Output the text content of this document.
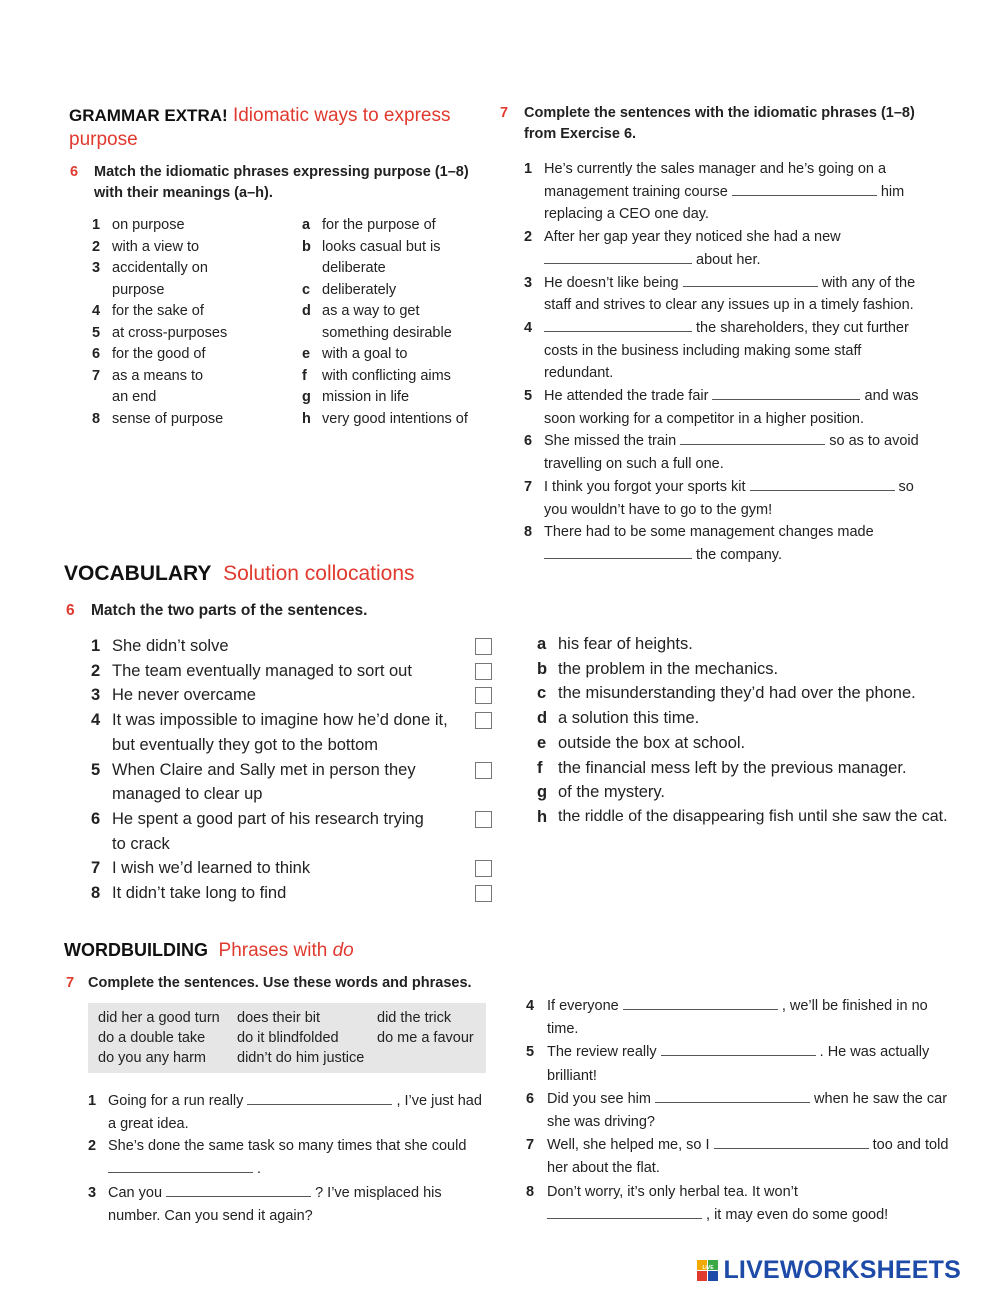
GRAMMAR EXTRA! Idiomatic ways to express purpose
6 Match the idiomatic phrases expressing purpose (1–8) with their meanings (a–h).
1 on purpose
2 with a view to
3 accidentally on purpose
4 for the sake of
5 at cross-purposes
6 for the good of
7 as a means to an end
8 sense of purpose
a for the purpose of
b looks casual but is deliberate
c deliberately
d as a way to get something desirable
e with a goal to
f with conflicting aims
g mission in life
h very good intentions of
7 Complete the sentences with the idiomatic phrases (1–8) from Exercise 6.
1 He’s currently the sales manager and he’s going on a management training course	him replacing a CEO one day.
2 After her gap year they noticed she had a new  about her.
3 He doesn’t like being	with any of the staff and strives to clear any issues up in a timely fashion.
4	the shareholders, they cut further costs in the business including making some staff redundant.
5 He attended the trade fair	and was soon working for a competitor in a higher position.
6 She missed the train	so as to avoid travelling on such a full one.
7 I think you forgot your sports kit	so you wouldn’t have to go to the gym!
8 There had to be some management changes made  the company.
VOCABULARY Solution collocations
6 Match the two parts of the sentences.
1 She didn’t solve
2 The team eventually managed to sort out
3 He never overcame
4 It was impossible to imagine how he’d done it, but eventually they got to the bottom
5 When Claire and Sally met in person they managed to clear up
6 He spent a good part of his research trying to crack
7 I wish we’d learned to think
8 It didn’t take long to find
a his fear of heights.
b the problem in the mechanics.
c the misunderstanding they’d had over the phone.
d a solution this time.
e outside the box at school.
f the financial mess left by the previous manager.
g of the mystery.
h the riddle of the disappearing fish until she saw the cat.
WORDBUILDING Phrases with do
7 Complete the sentences. Use these words and phrases.
did her a good turn does their bit	did the trick
do a double take do it blindfolded	do me a favour
do you any harm didn’t do him justice
1 Going for a run really	, I’ve just had a great idea.
2 She’s done the same task so many times that she could  .
3 Can you	? I’ve misplaced his number. Can you send it again?
4 If everyone	, we’ll be finished in no time.
5 The review really	. He was actually brilliant!
6 Did you see him	when he saw the car she was driving?
7 Well, she helped me, so I	too and told her about the flat.
8 Don’t worry, it’s only herbal tea. It won’t  , it may even do some good!
LIVE LIVEWORKSHEETS
